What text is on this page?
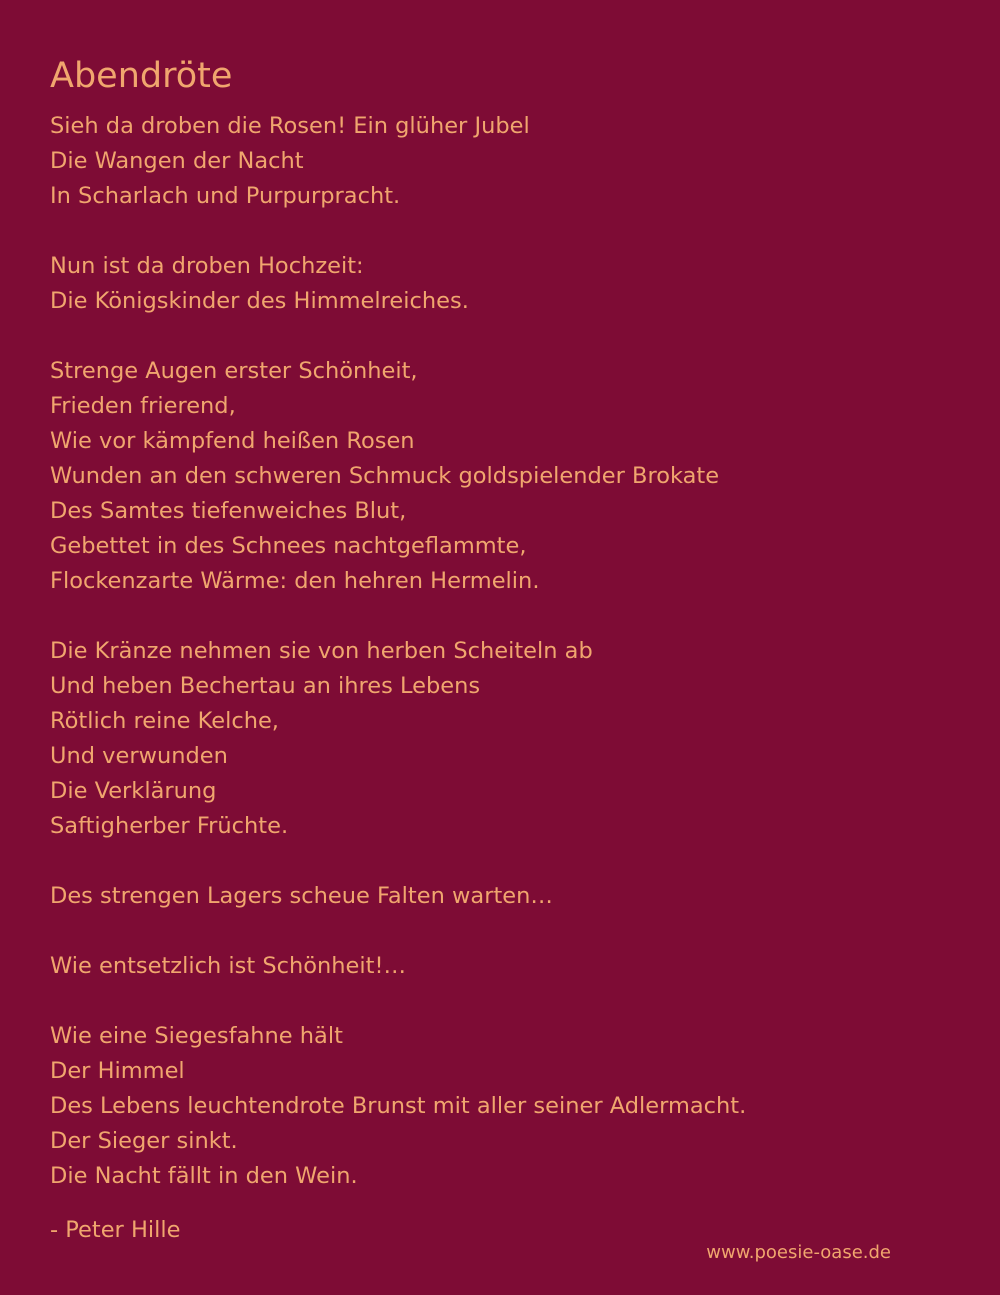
Abendröte
Sieh da droben die Rosen! Ein glüher Jubel
Die Wangen der Nacht
In Scharlach und Purpurpracht.
Nun ist da droben Hochzeit:
Die Königskinder des Himmelreiches.
Strenge Augen erster Schönheit,
Frieden frierend,
Wie vor kämpfend heißen Rosen
Wunden an den schweren Schmuck goldspielender Brokate
Des Samtes tiefenweiches Blut,
Gebettet in des Schnees nachtgeflammte,
Flockenzarte Wärme: den hehren Hermelin.
Die Kränze nehmen sie von herben Scheiteln ab
Und heben Bechertau an ihres Lebens
Rötlich reine Kelche,
Und verwunden
Die Verklärung
Saftigherber Früchte.
Des strengen Lagers scheue Falten warten…
Wie entsetzlich ist Schönheit!…
Wie eine Siegesfahne hält
Der Himmel
Des Lebens leuchtendrote Brunst mit aller seiner Adlermacht.
Der Sieger sinkt.
Die Nacht fällt in den Wein.
- Peter Hille
www.poesie-oase.de
